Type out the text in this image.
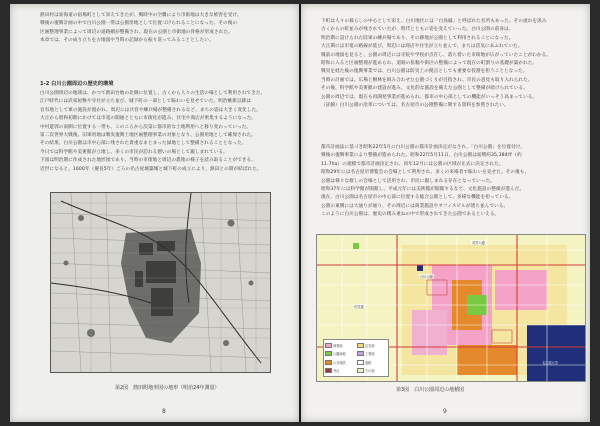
熱田村は東海道の宿場町として栄えてきたが、戦時中の空襲により市街地は大きな被害を受け、
戦後の復興計画の中で白川公園一帯は公園用地として位置づけられることになった。その後の
区画整理事業によって周辺の道路網が整備され、現在の公園と市街地の骨格が形成された。
本章では、その成り立ちを古地図や当時の記録から振り返ってみることとしたい。
1-2 白川公園周辺の歴史的環境
白川公園周辺の地域は、かつて熱田台地の北側に位置し、古くから人々の生活の場として利用されてきた。
江戸時代には武家屋敷や寺社が立ち並び、城下町の一部として賑わいを見せていた。明治維新以降は
官有地として軍の施設が置かれ、周辺には兵営や練兵場が整備されるなど、まちの姿は大きく変化した。
大正から昭和初期にかけては市電の開通とともに市街化が進み、住宅や商店が密集するようになった。
中村遊郭の南側に位置する一帯も、このころから次第に都市的な土地利用へと移り変わっていった。
第二次世界大戦後、旧軍用地は戦災復興土地区画整理事業の対象となり、公園用地として確保された。
その結果、白川公園は市中心部に残された貴重なまとまった緑地として整備されることとなった。
今日では科学館や美術館が立地し、多くの市民が訪れる憩いの場として親しまれている。
下図は明治期に作成された地形図であり、当時の市街地と周辺の農地の様子を読み取ることができる。
近世になると、1600年（慶長5年）ごろの名古屋城築城と城下町の成立により、熱田との間が結ばれた。
第2図　熱田附地形図の地形（明治24年測量）
8
下町は人々の暮らしの中心として栄え、白川地区には「白鳥縁」と呼ばれた名所もあった。その流れを汲み
古くからの町並みが残されていたが、時代とともに姿を変えていった。白川公園の前身は、
明治期に設けられた陸軍の練兵場であり、その跡地が公園として利用されることになった。
大正期には市電の路線が延び、周辺には商店や住宅が立ち並んで、まちは活気にあふれていた。
戦前の地図を見ると、公園の周辺には寺院や学校が点在し、落ち着いた市街地が広がっていたことがわかる。
昭和に入ると区画整理が進められ、道路の拡幅や街区の整備によって現在の町割りの基礎が築かれた。
戦災を経た後の復興事業では、白川公園は防災上の拠点としても重要な役割を担うこととなった。
当時の計画では、広場と樹林を組み合わせた公園づくりが目指され、市民の意見も取り入れられた。
その後、科学館や美術館の建設が進み、文化的な施設を備えた公園として整備が続けられている。
公園の周辺では、現在も再開発事業が進められ、都市の中心部としての機能がいっそう高まっている。
（詳細）白川公園の沿革については、名古屋市の公園整備に関する資料を参照されたい。
都市計画法に基づき昭和22年5月に白川公園の都市計画決定がなされ、「白川公園」を位置付け、
戦後の復興事業により整備が進められた。昭和22年5月11日、白川公園は面積約35,384坪（約
11.7ha）の規模で都市計画決定され、同年12月には公園の区域が正式に決定された。
昭和29年には名古屋市博覧会の会場として利用され、多くの来場者で賑わいを見せた。その後も、
公園は様々な催しの会場として活用され、市民に親しまれる存在となっていった。
昭和37年には科学館が開館し、平成元年には美術館が開館するなど、文化施設の整備が進んだ。
現在、白川公園は名古屋市の中心部に位置する総合公園として、多様な機能を担っている。
公園の東側には大通りが通り、その周辺には商業施設やオフィスビルが建ち並んでいる。
このように白川公園は、歴史の積み重ねの中で形成されてきた公園であるといえる。
白川公園
名古屋大学
若宮大通
伏見通
商業地	住宅地
公園緑地	工業地
公共施設	道路
寺社	その他
第3図　白川公園周辺の地積図
9
